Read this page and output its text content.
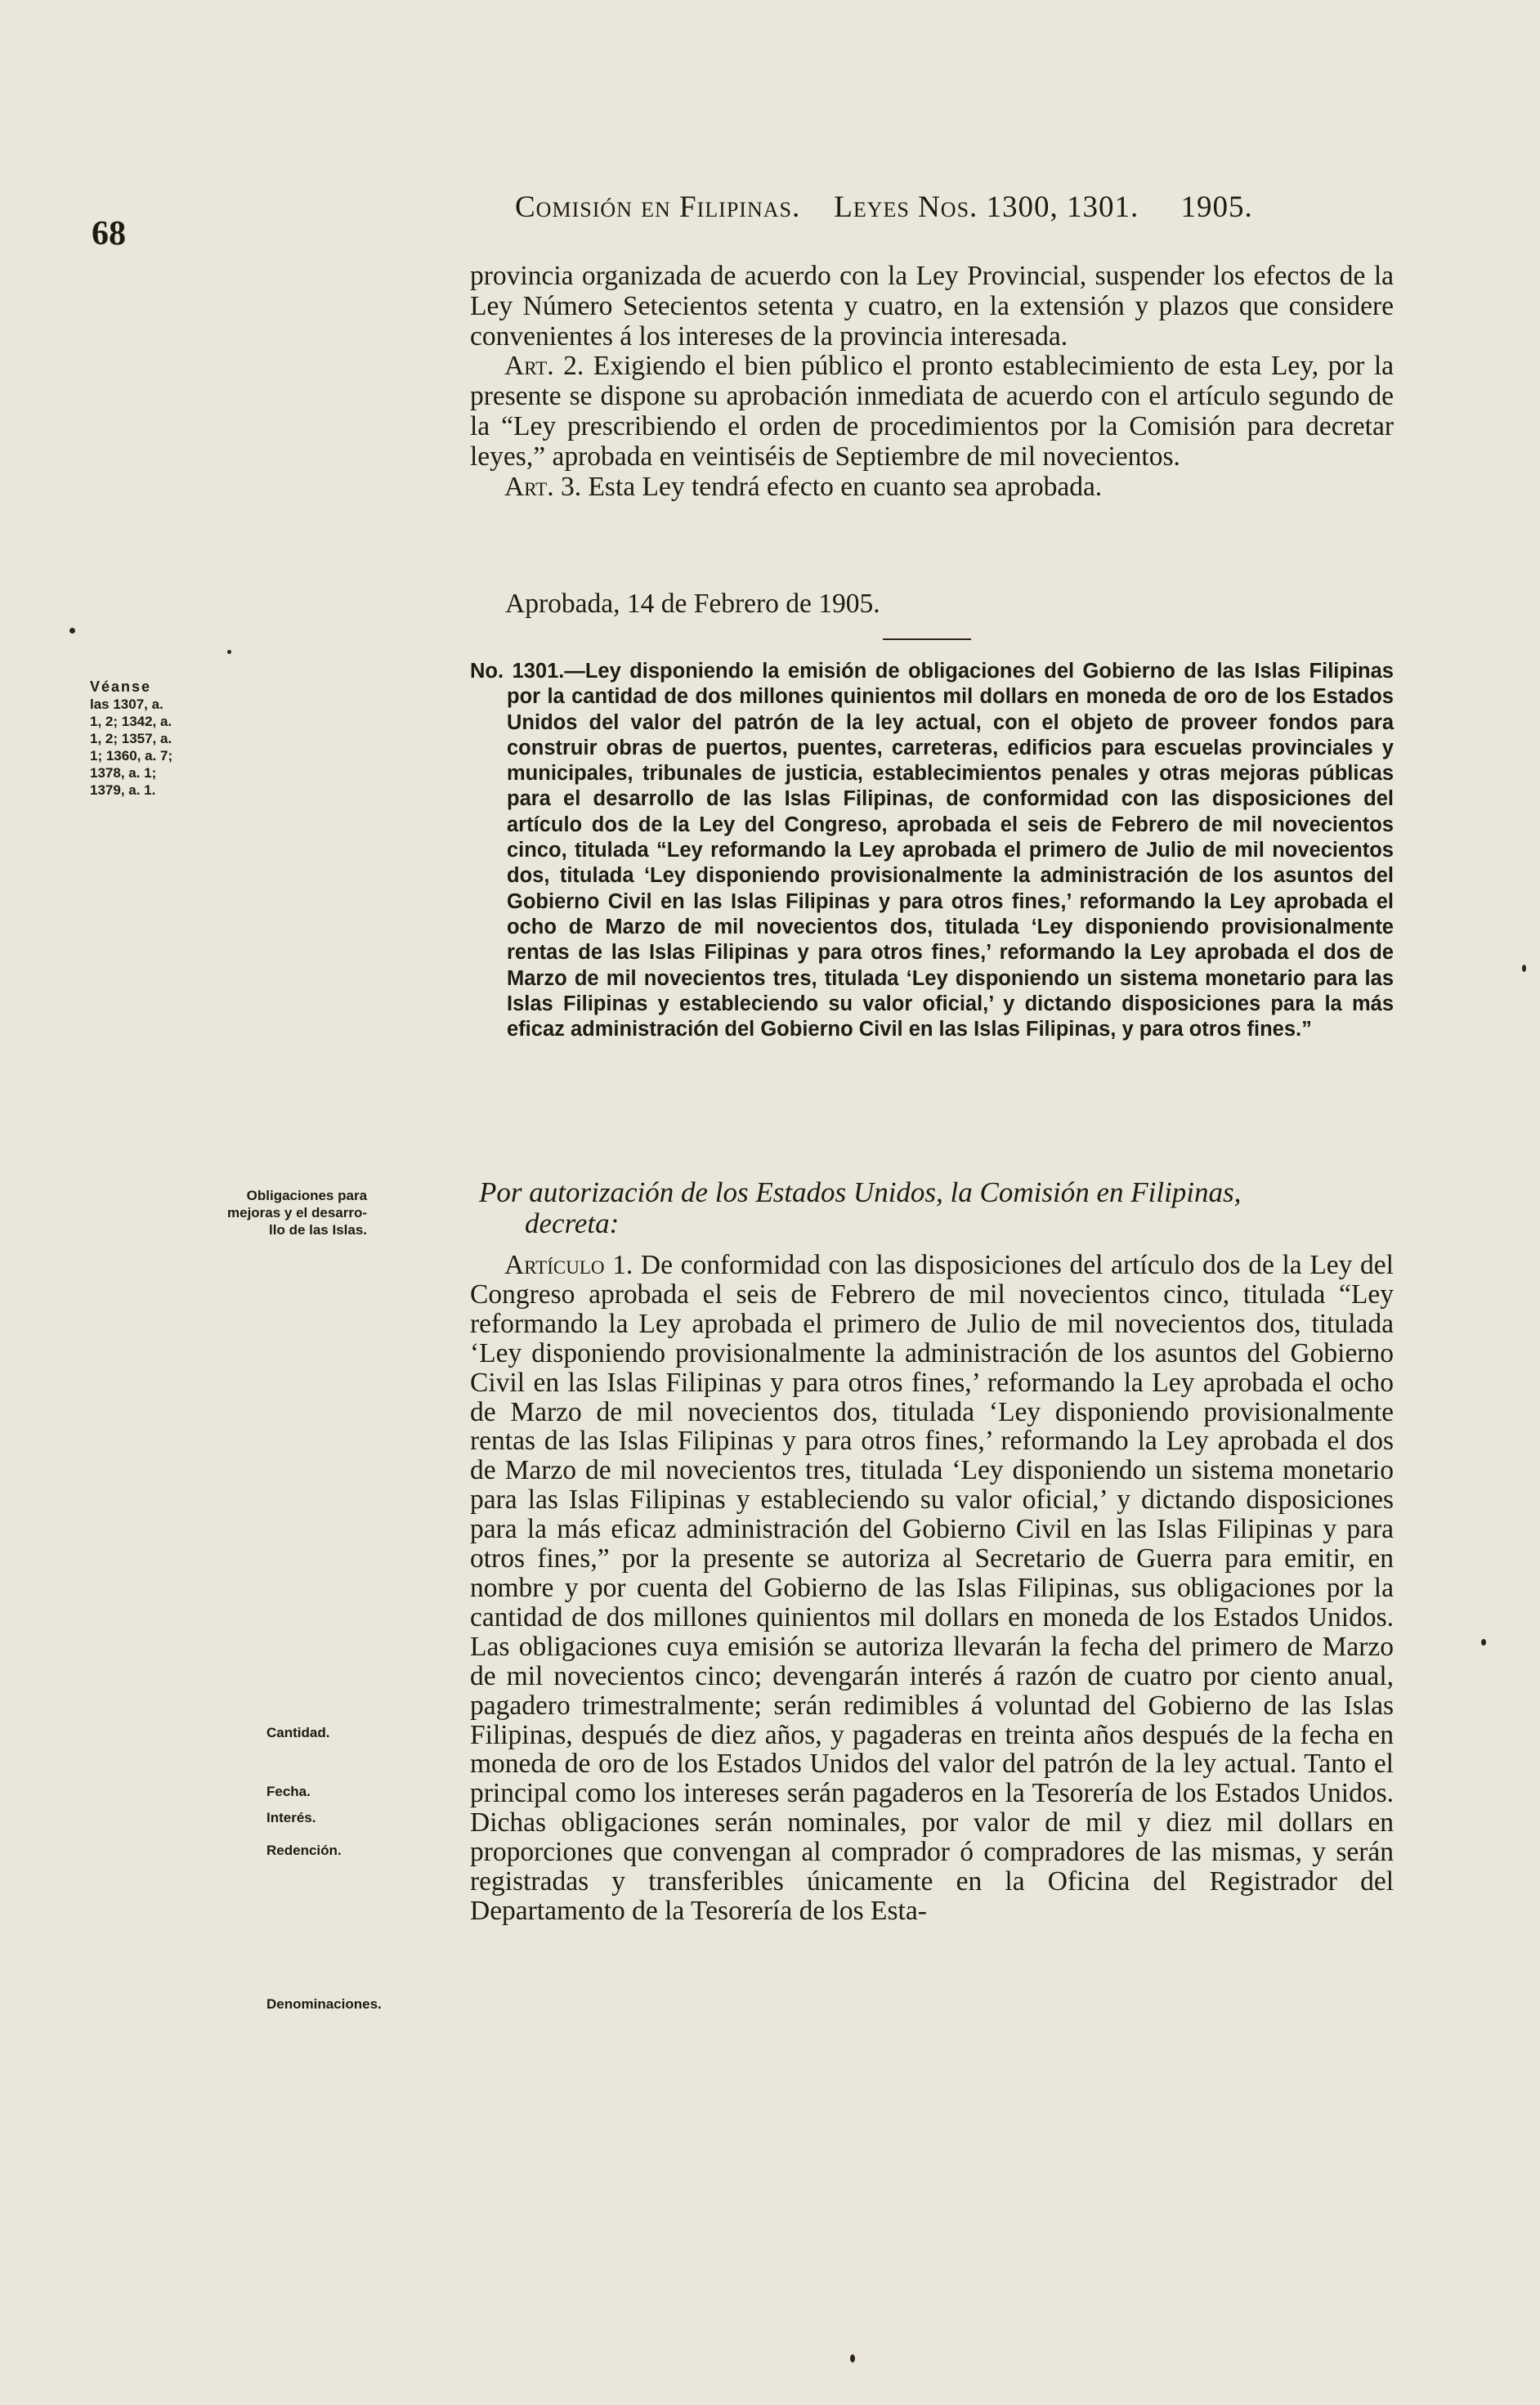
68
Comisión en Filipinas. Leyes Nos. 1300, 1301. 1905.

provincia organizada de acuerdo con la Ley Provincial, suspender los efectos de la Ley Número Setecientos setenta y cuatro, en la extensión y plazos que considere convenientes á los intereses de la provincia interesada.

Art. 2. Exigiendo el bien público el pronto establecimiento de esta Ley, por la presente se dispone su aprobación inmediata de acuerdo con el artículo segundo de la “Ley prescribiendo el orden de procedimientos por la Comisión para decretar leyes,” aprobada en veintiséis de Septiembre de mil novecientos.

Art. 3. Esta Ley tendrá efecto en cuanto sea aprobada.

Aprobada, 14 de Febrero de 1905.

No. 1301.—Ley disponiendo la emisión de obligaciones del Gobierno de las Islas Filipinas por la cantidad de dos millones quinientos mil dollars en moneda de oro de los Estados Unidos del valor del patrón de la ley actual, con el objeto de proveer fondos para construir obras de puertos, puentes, carreteras, edificios para escuelas provinciales y municipales, tribunales de justicia, establecimientos penales y otras mejoras públicas para el desarrollo de las Islas Filipinas, de conformidad con las disposiciones del artículo dos de la Ley del Congreso, aprobada el seis de Febrero de mil novecientos cinco, titulada “Ley reformando la Ley aprobada el primero de Julio de mil novecientos dos, titulada ‘Ley disponiendo provisionalmente la administración de los asuntos del Gobierno Civil en las Islas Filipinas y para otros fines,’ reformando la Ley aprobada el ocho de Marzo de mil novecientos dos, titulada ‘Ley disponiendo provisionalmente rentas de las Islas Filipinas y para otros fines,’ reformando la Ley aprobada el dos de Marzo de mil novecientos tres, titulada ‘Ley disponiendo un sistema monetario para las Islas Filipinas y estableciendo su valor oficial,’ y dictando disposiciones para la más eficaz administración del Gobierno Civil en las Islas Filipinas, y para otros fines.”

Por autorización de los Estados Unidos, la Comisión en Filipinas,
decreta:

Artículo 1. De conformidad con las disposiciones del artículo dos de la Ley del Congreso aprobada el seis de Febrero de mil novecientos cinco, titulada “Ley reformando la Ley aprobada el primero de Julio de mil novecientos dos, titulada ‘Ley disponiendo provisionalmente la administración de los asuntos del Gobierno Civil en las Islas Filipinas y para otros fines,’ reformando la Ley aprobada el ocho de Marzo de mil novecientos dos, titulada ‘Ley disponiendo provisionalmente rentas de las Islas Filipinas y para otros fines,’ reformando la Ley aprobada el dos de Marzo de mil novecientos tres, titulada ‘Ley disponiendo un sistema monetario para las Islas Filipinas y estableciendo su valor oficial,’ y dictando disposiciones para la más eficaz administración del Gobierno Civil en las Islas Filipinas y para otros fines,” por la presente se autoriza al Secretario de Guerra para emitir, en nombre y por cuenta del Gobierno de las Islas Filipinas, sus obligaciones por la cantidad de dos millones quinientos mil dollars en moneda de los Estados Unidos. Las obligaciones cuya emisión se autoriza llevarán la fecha del primero de Marzo de mil novecientos cinco; devengarán interés á razón de cuatro por ciento anual, pagadero trimestralmente; serán redimibles á voluntad del Gobierno de las Islas Filipinas, después de diez años, y pagaderas en treinta años después de la fecha en moneda de oro de los Estados Unidos del valor del patrón de la ley actual. Tanto el principal como los intereses serán pagaderos en la Tesorería de los Estados Unidos. Dichas obligaciones serán nominales, por valor de mil y diez mil dollars en proporciones que convengan al comprador ó compradores de las mismas, y serán registradas y transferibles únicamente en la Oficina del Registrador del Departamento de la Tesorería de los Esta-

Véanse
las 1307, a.
1, 2; 1342, a.
1, 2; 1357, a.
1; 1360, a. 7;
1378, a. 1;
1379, a. 1.
Obligaciones para
mejoras y el desarro-
llo de las Islas.
Cantidad.
Fecha.
Interés.
Redención.
Denominaciones.
